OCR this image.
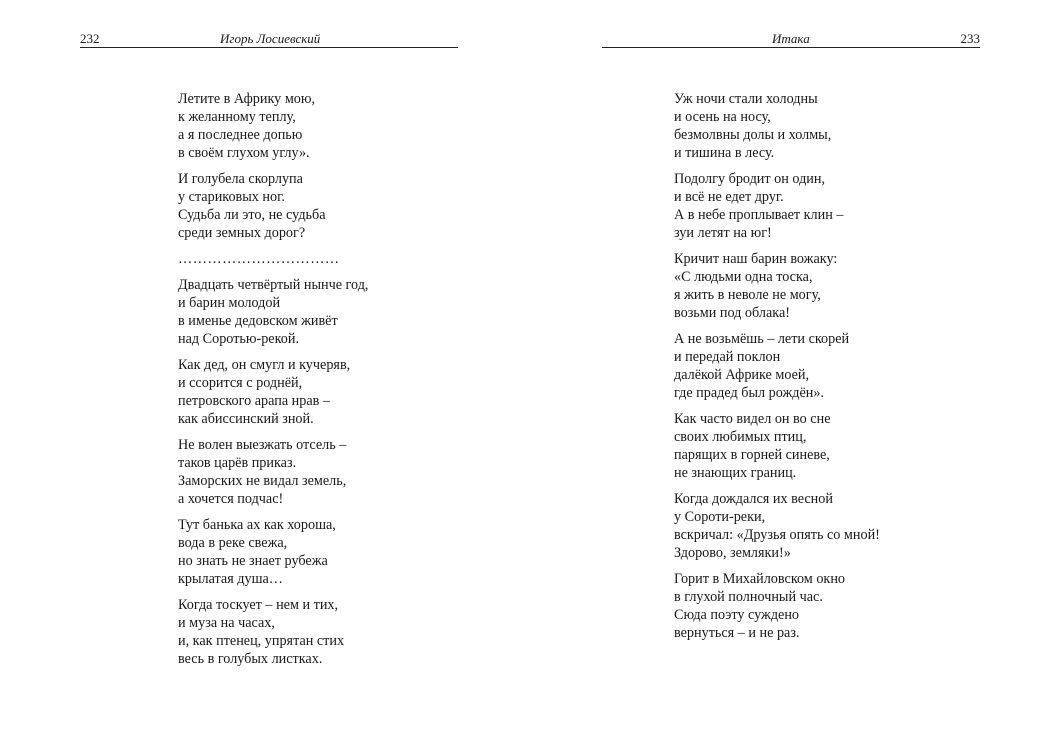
232	Игорь Лосиевский
Летите в Африку мою,
к желанному теплу,
а я последнее допью
в своём глухом углу».
И голубела скорлупа
у стариковых ног.
Судьба ли это, не судьба
среди земных дорог?
……………………………
Двадцать четвёртый нынче год,
и барин молодой
в именье дедовском живёт
над Соротью-рекой.
Как дед, он смугл и кучеряв,
и ссорится с роднёй,
петровского арапа нрав –
как абиссинский зной.
Не волен выезжать отсель –
таков царёв приказ.
Заморских не видал земель,
а хочется подчас!
Тут банька ах как хороша,
вода в реке свежа,
но знать не знает рубежа
крылатая душа…
Когда тоскует – нем и тих,
и муза на часах,
и, как птенец, упрятан стих
весь в голубых листках.
Итака	233
Уж ночи стали холодны
и осень на носу,
безмолвны долы и холмы,
и тишина в лесу.
Подолгу бродит он один,
и всё не едет друг.
А в небе проплывает клин –
зуи летят на юг!
Кричит наш барин вожаку:
«С людьми одна тоска,
я жить в неволе не могу,
возьми под облака!
А не возьмёшь – лети скорей
и передай поклон
далёкой Африке моей,
где прадед был рождён».
Как часто видел он во сне
своих любимых птиц,
парящих в горней синеве,
не знающих границ.
Когда дождался их весной
у Сороти-реки,
вскричал: «Друзья опять со мной!
Здорово, земляки!»
Горит в Михайловском окно
в глухой полночный час.
Сюда поэту суждено
вернуться – и не раз.
